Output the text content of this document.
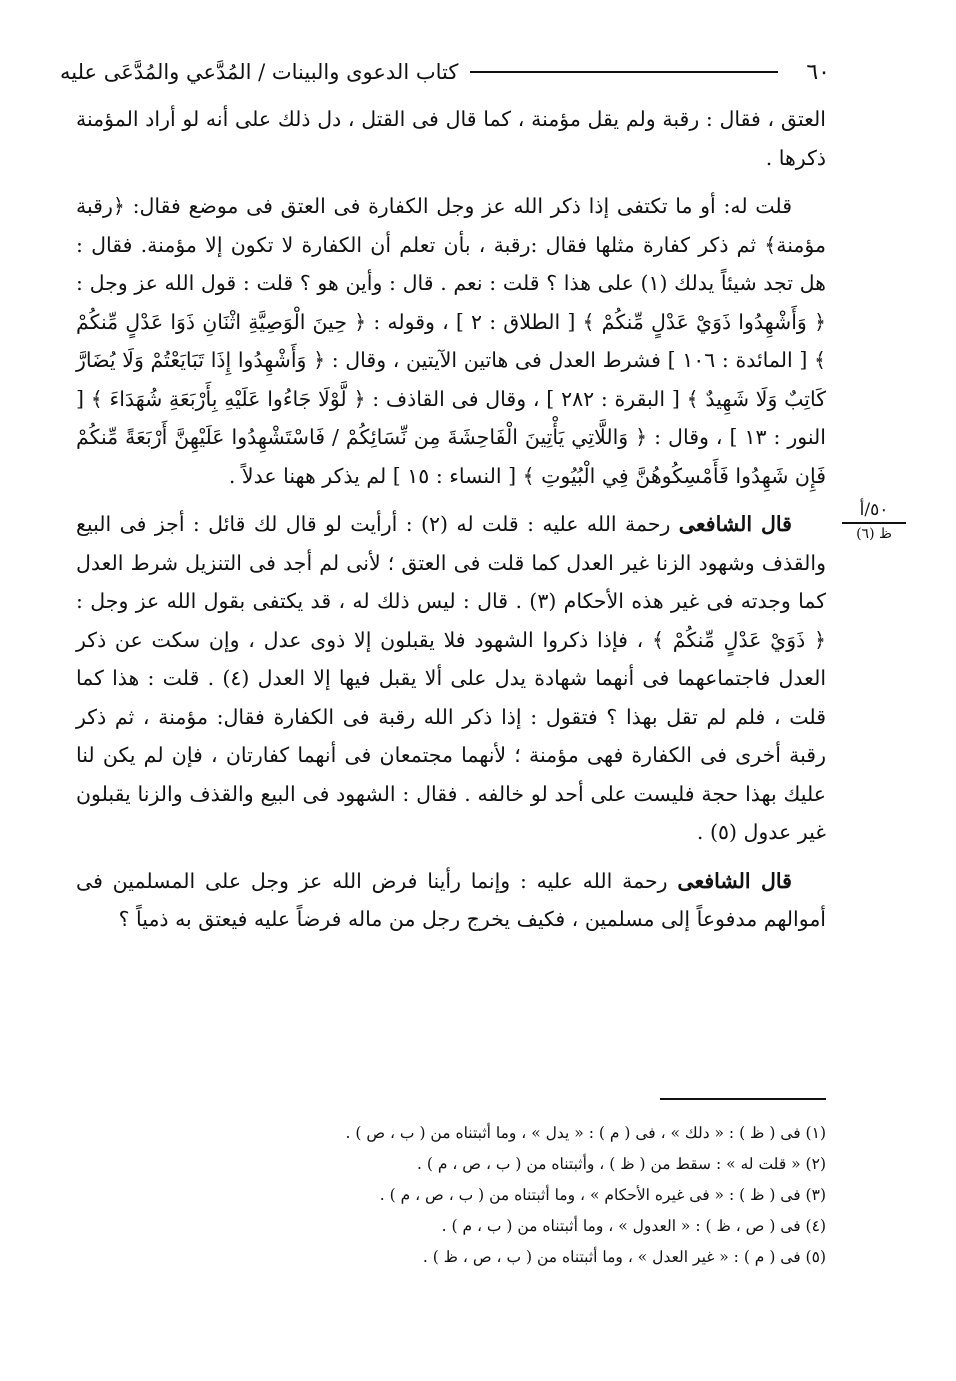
٦٠
كتاب الدعوى والبينات / المُدَّعي والمُدَّعَى عليه

العتق ، فقال : رقبة ولم يقل مؤمنة ، كما قال فى القتل ، دل ذلك على أنه لو أراد المؤمنة ذكرها .

قلت له: أو ما تكتفى إذا ذكر الله عز وجل الكفارة فى العتق فى موضع فقال: ﴿رقبة مؤمنة﴾ ثم ذكر كفارة مثلها فقال :رقبة ، بأن تعلم أن الكفارة لا تكون إلا مؤمنة. فقال : هل تجد شيئاً يدلك (١) على هذا ؟ قلت : نعم . قال : وأين هو ؟ قلت : قول الله عز وجل : ﴿ وَأَشْهِدُوا ذَوَيْ عَدْلٍ مِّنكُمْ ﴾ [ الطلاق : ٢ ] ، وقوله : ﴿ حِينَ الْوَصِيَّةِ اثْنَانِ ذَوَا عَدْلٍ مِّنكُمْ ﴾ [ المائدة : ١٠٦ ] فشرط العدل فى هاتين الآيتين ، وقال : ﴿ وَأَشْهِدُوا إِذَا تَبَايَعْتُمْ وَلَا يُضَارَّ كَاتِبٌ وَلَا شَهِيدٌ ﴾ [ البقرة : ٢٨٢ ] ، وقال فى القاذف : ﴿ لَّوْلَا جَاءُوا عَلَيْهِ بِأَرْبَعَةِ شُهَدَاءَ ﴾ [ النور : ١٣ ] ، وقال : ﴿ وَاللَّاتِي يَأْتِينَ الْفَاحِشَةَ مِن نِّسَائِكُمْ / فَاسْتَشْهِدُوا عَلَيْهِنَّ أَرْبَعَةً مِّنكُمْ فَإِن شَهِدُوا فَأَمْسِكُوهُنَّ فِي الْبُيُوتِ ﴾ [ النساء : ١٥ ] لم يذكر ههنا عدلاً .

قال الشافعى رحمة الله عليه : قلت له (٢) : أرأيت لو قال لك قائل : أجز فى البيع والقذف وشهود الزنا غير العدل كما قلت فى العتق ؛ لأنى لم أجد فى التنزيل شرط العدل كما وجدته فى غير هذه الأحكام (٣) . قال : ليس ذلك له ، قد يكتفى بقول الله عز وجل : ﴿ ذَوَيْ عَدْلٍ مِّنكُمْ ﴾ ، فإذا ذكروا الشهود فلا يقبلون إلا ذوى عدل ، وإن سكت عن ذكر العدل فاجتماعهما فى أنهما شهادة يدل على ألا يقبل فيها إلا العدل (٤) . قلت : هذا كما قلت ، فلم لم تقل بهذا ؟ فتقول : إذا ذكر الله رقبة فى الكفارة فقال: مؤمنة ، ثم ذكر رقبة أخرى فى الكفارة فهى مؤمنة ؛ لأنهما مجتمعان فى أنهما كفارتان ، فإن لم يكن لنا عليك بهذا حجة فليست على أحد لو خالفه . فقال : الشهود فى البيع والقذف والزنا يقبلون غير عدول (٥) .

قال الشافعى رحمة الله عليه : وإنما رأينا فرض الله عز وجل على المسلمين فى أموالهم مدفوعاً إلى مسلمين ، فكيف يخرج رجل من ماله فرضاً عليه فيعتق به ذمياً ؟

٥٠/أ
ظ (٦)
(١) فى ( ظ ) : « دلك » ، فى ( م ) : « يدل » ، وما أثبتناه من ( ب ، ص ) .
(٢) « قلت له » : سقط من ( ظ ) ، وأثبتناه من ( ب ، ص ، م ) .
(٣) فى ( ظ ) : « فى غيره الأحكام » ، وما أثبتناه من ( ب ، ص ، م ) .
(٤) فى ( ص ، ظ ) : « العدول » ، وما أثبتناه من ( ب ، م ) .
(٥) فى ( م ) : « غير العدل » ، وما أثبتناه من ( ب ، ص ، ظ ) .
